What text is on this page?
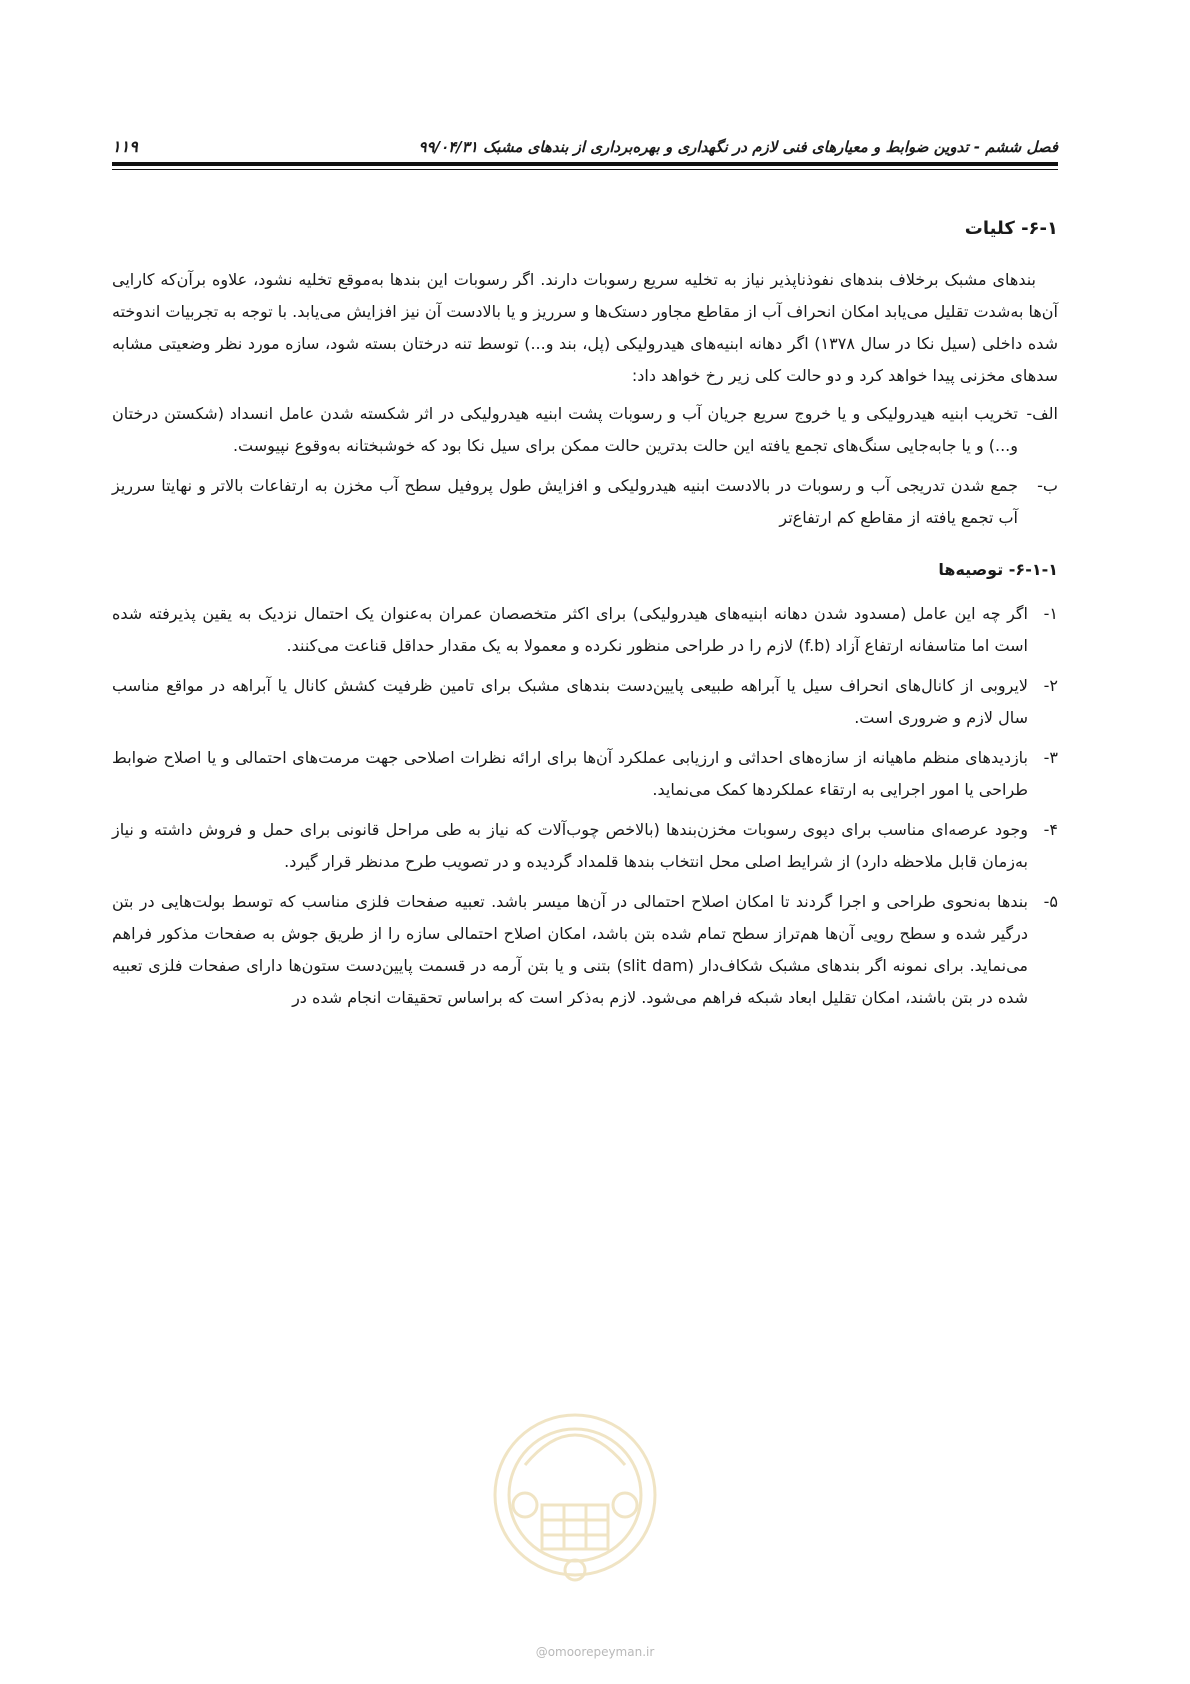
فصل ششم - تدوین ضوابط و معیارهای فنی لازم در نگهداری و بهره‌برداری از بندهای مشبک ۹۹/۰۴/۳۱
۱۱۹
۶-۱- کلیات

بندهای مشبک برخلاف بندهای نفوذناپذیر نیاز به تخلیه سریع رسوبات دارند. اگر رسوبات این بندها به‌موقع تخلیه نشود، علاوه برآن‌که کارایی آن‌ها به‌شدت تقلیل می‌یابد امکان انحراف آب از مقاطع مجاور دستک‌ها و سرریز و یا بالادست آن نیز افزایش می‌یابد. با توجه به تجربیات اندوخته شده داخلی (سیل نکا در سال ۱۳۷۸) اگر دهانه ابنیه‌های هیدرولیکی (پل، بند و...) توسط تنه درختان بسته شود، سازه مورد نظر وضعیتی مشابه سدهای مخزنی پیدا خواهد کرد و دو حالت کلی زیر رخ خواهد داد:

الف-
تخریب ابنیه هیدرولیکی و یا خروج سریع جریان آب و رسوبات پشت ابنیه هیدرولیکی در اثر شکسته شدن عامل انسداد (شکستن درختان و...) و یا جابه‌جایی سنگ‌های تجمع یافته این حالت بدترین حالت ممکن برای سیل نکا بود که خوشبختانه به‌وقوع نپیوست.
ب-
جمع شدن تدریجی آب و رسوبات در بالادست ابنیه هیدرولیکی و افزایش طول پروفیل سطح آب مخزن به ارتفاعات بالاتر و نهایتا سرریز آب تجمع یافته از مقاطع کم ارتفاع‌تر
۶-۱-۱- توصیه‌ها
۱-
اگر چه این عامل (مسدود شدن دهانه ابنیه‌های هیدرولیکی) برای اکثر متخصصان عمران به‌عنوان یک احتمال نزدیک به یقین پذیرفته شده است اما متاسفانه ارتفاع آزاد (f.b) لازم را در طراحی منظور نکرده و معمولا به یک مقدار حداقل قناعت می‌کنند.
۲-
لایروبی از کانال‌های انحراف سیل یا آبراهه طبیعی پایین‌دست بندهای مشبک برای تامین ظرفیت کشش کانال یا آبراهه در مواقع مناسب سال لازم و ضروری است.
۳-
بازدیدهای منظم ماهیانه از سازه‌های احداثی و ارزیابی عملکرد آن‌ها برای ارائه نظرات اصلاحی جهت مرمت‌های احتمالی و یا اصلاح ضوابط طراحی یا امور اجرایی به ارتقاء عملکردها کمک می‌نماید.
۴-
وجود عرصه‌ای مناسب برای دپوی رسوبات مخزن‌بندها (بالاخص چوب‌آلات که نیاز به طی مراحل قانونی برای حمل و فروش داشته و نیاز به‌زمان قابل ملاحظه دارد) از شرایط اصلی محل انتخاب بندها قلمداد گردیده و در تصویب طرح مدنظر قرار گیرد.
۵-
بندها به‌نحوی طراحی و اجرا گردند تا امکان اصلاح احتمالی در آن‌ها میسر باشد. تعبیه صفحات فلزی مناسب که توسط بولت‌هایی در بتن درگیر شده و سطح رویی آن‌ها هم‌تراز سطح تمام شده بتن باشد، امکان اصلاح احتمالی سازه را از طریق جوش به صفحات مذکور فراهم می‌نماید. برای نمونه اگر بندهای مشبک شکاف‌دار (slit dam) بتنی و یا بتن آرمه در قسمت پایین‌دست ستون‌ها دارای صفحات فلزی تعبیه شده در بتن باشند، امکان تقلیل ابعاد شبکه فراهم می‌شود. لازم به‌ذکر است که براساس تحقیقات انجام شده در
@omoorepeyman.ir
